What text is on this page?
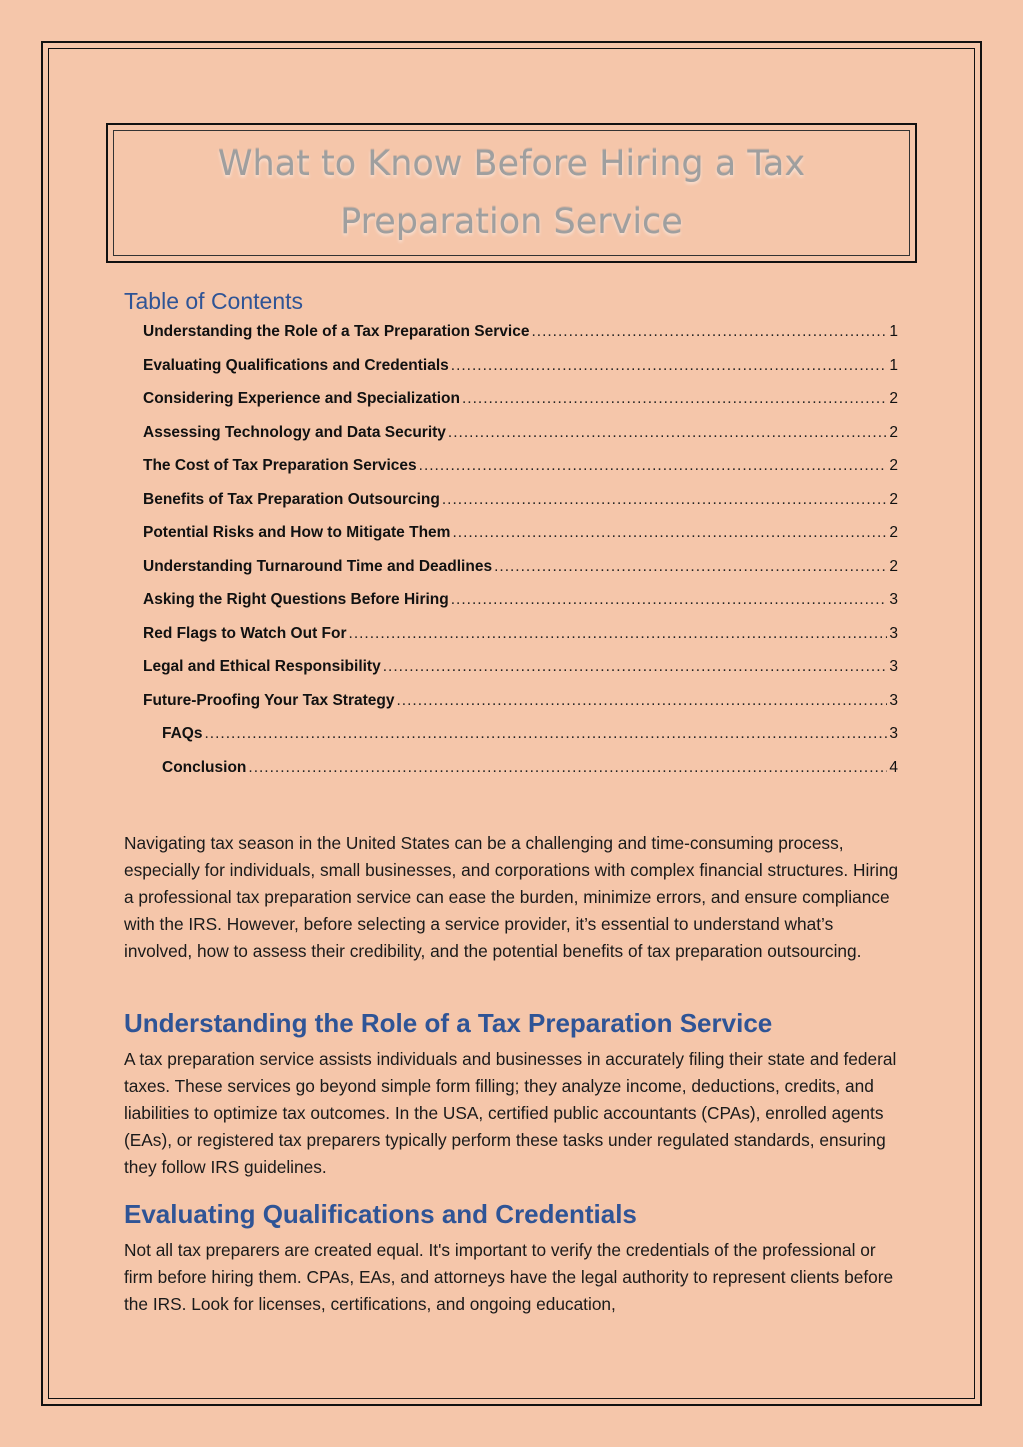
What to Know Before Hiring a Tax Preparation Service
Table of Contents
Understanding the Role of a Tax Preparation Service .....	1
Evaluating Qualifications and Credentials .....	1
Considering Experience and Specialization .....	2
Assessing Technology and Data Security .....	2
The Cost of Tax Preparation Services .....	2
Benefits of Tax Preparation Outsourcing .....	2
Potential Risks and How to Mitigate Them .....	2
Understanding Turnaround Time and Deadlines .....	2
Asking the Right Questions Before Hiring .....	3
Red Flags to Watch Out For .....	3
Legal and Ethical Responsibility .....	3
Future-Proofing Your Tax Strategy .....	3
FAQs .....	3
Conclusion .....	4

Navigating tax season in the United States can be a challenging and time-consuming process, especially for individuals, small businesses, and corporations with complex financial structures. Hiring a professional tax preparation service can ease the burden, minimize errors, and ensure compliance with the IRS. However, before selecting a service provider, it’s essential to understand what’s involved, how to assess their credibility, and the potential benefits of tax preparation outsourcing.

Understanding the Role of a Tax Preparation Service

A tax preparation service assists individuals and businesses in accurately filing their state and federal taxes. These services go beyond simple form filling; they analyze income, deductions, credits, and liabilities to optimize tax outcomes. In the USA, certified public accountants (CPAs), enrolled agents (EAs), or registered tax preparers typically perform these tasks under regulated standards, ensuring they follow IRS guidelines.

Evaluating Qualifications and Credentials

Not all tax preparers are created equal. It's important to verify the credentials of the professional or firm before hiring them. CPAs, EAs, and attorneys have the legal authority to represent clients before the IRS. Look for licenses, certifications, and ongoing education,
